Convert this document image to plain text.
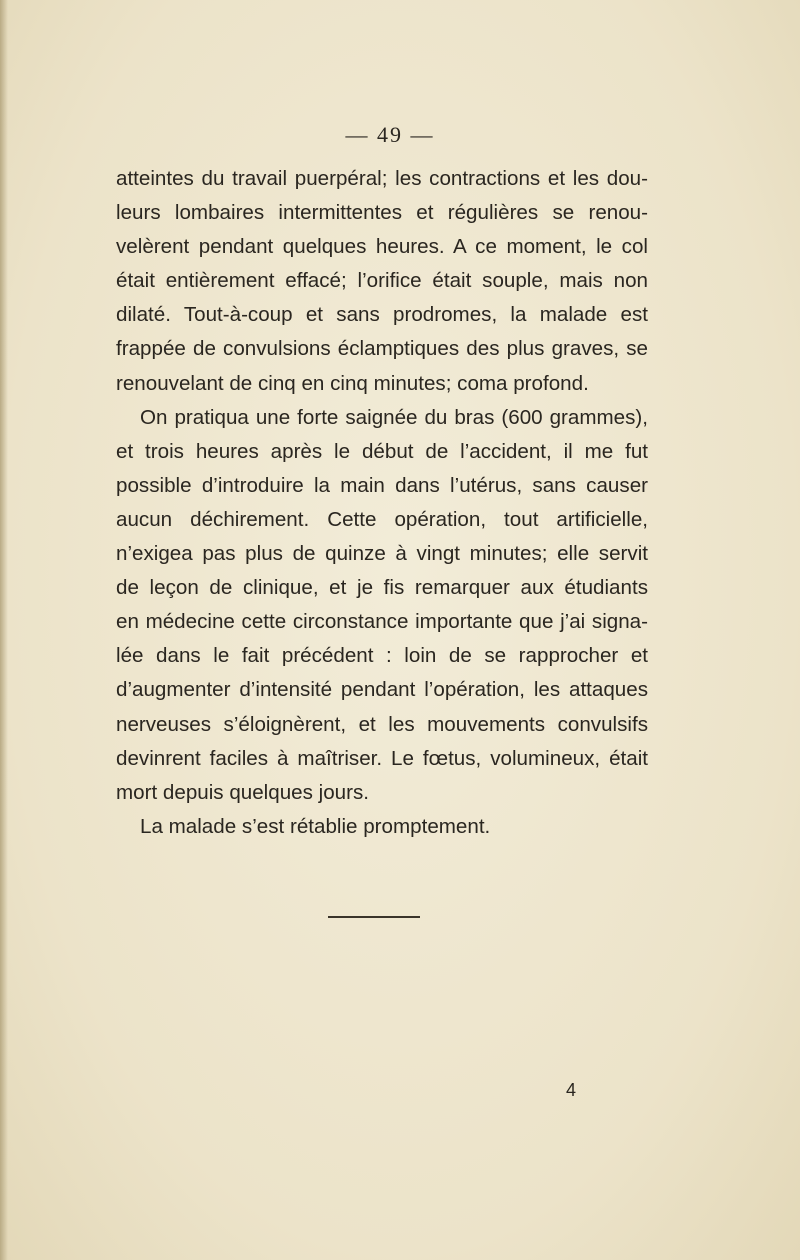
— 49 —
atteintes du travail puerpéral; les contractions et les dou-
leurs lombaires intermittentes et régulières se renou-
velèrent pendant quelques heures. A ce moment, le col
était entièrement effacé; l’orifice était souple, mais non
dilaté. Tout-à-coup et sans prodromes, la malade est
frappée de convulsions éclamptiques des plus graves, se
renouvelant de cinq en cinq minutes; coma profond.
On pratiqua une forte saignée du bras (600 grammes),
et trois heures après le début de l’accident, il me fut
possible d’introduire la main dans l’utérus, sans causer
aucun déchirement. Cette opération, tout artificielle,
n’exigea pas plus de quinze à vingt minutes; elle servit
de leçon de clinique, et je fis remarquer aux étudiants
en médecine cette circonstance importante que j’ai signa-
lée dans le fait précédent : loin de se rapprocher et
d’augmenter d’intensité pendant l’opération, les attaques
nerveuses s’éloignèrent, et les mouvements convulsifs
devinrent faciles à maîtriser. Le fœtus, volumineux, était
mort depuis quelques jours.
La malade s’est rétablie promptement.
4
